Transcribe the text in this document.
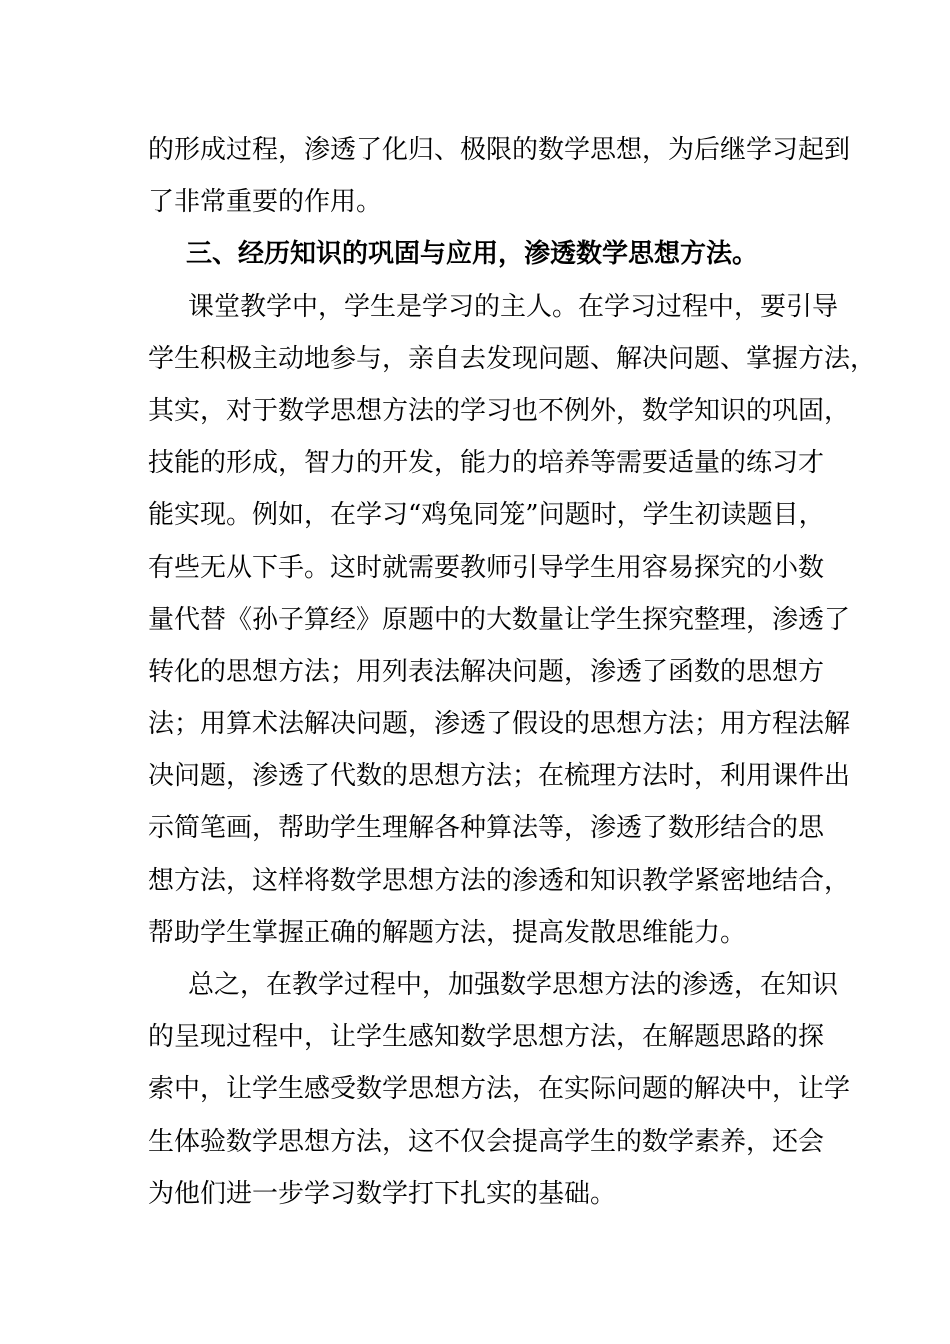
的形成过程，渗透了化归、极限的数学思想，为后继学习起到
了非常重要的作用。
三、经历知识的巩固与应用，渗透数学思想方法。
课堂教学中，学生是学习的主人。在学习过程中，要引导
学生积极主动地参与，亲自去发现问题、解决问题、掌握方法，
其实，对于数学思想方法的学习也不例外，数学知识的巩固，
技能的形成，智力的开发，能力的培养等需要适量的练习才
能实现。例如，在学习“鸡兔同笼”问题时，学生初读题目，
有些无从下手。这时就需要教师引导学生用容易探究的小数
量代替《孙子算经》原题中的大数量让学生探究整理，渗透了
转化的思想方法；用列表法解决问题，渗透了函数的思想方
法；用算术法解决问题，渗透了假设的思想方法；用方程法解
决问题，渗透了代数的思想方法；在梳理方法时，利用课件出
示简笔画，帮助学生理解各种算法等，渗透了数形结合的思
想方法，这样将数学思想方法的渗透和知识教学紧密地结合，
帮助学生掌握正确的解题方法，提高发散思维能力。
总之，在教学过程中，加强数学思想方法的渗透，在知识
的呈现过程中，让学生感知数学思想方法，在解题思路的探
索中，让学生感受数学思想方法，在实际问题的解决中，让学
生体验数学思想方法，这不仅会提高学生的数学素养，还会
为他们进一步学习数学打下扎实的基础。
